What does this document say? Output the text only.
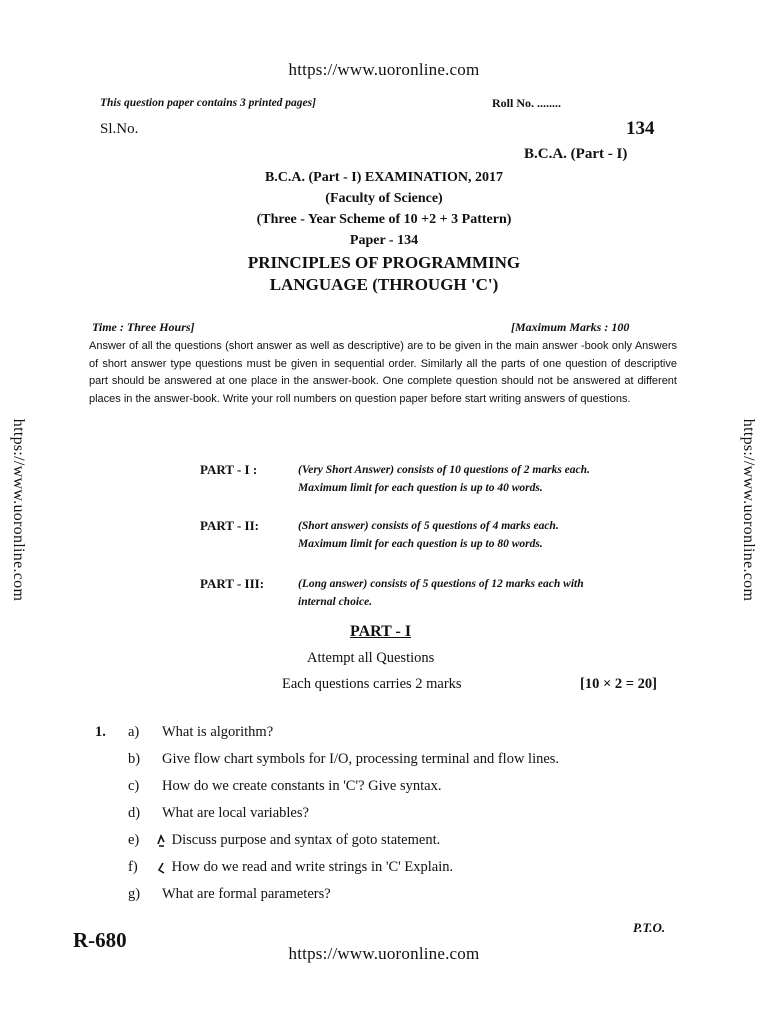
https://www.uoronline.com
https://www.uoronline.com
https://www.uoronline.com	https://www.uoronline.com
This question paper contains 3 printed pages]	Roll No. ........
Sl.No.	134
B.C.A. (Part - I)
B.C.A. (Part - I) EXAMINATION, 2017
(Faculty of Science)
(Three - Year Scheme of 10 +2 + 3 Pattern)
Paper - 134
PRINCIPLES OF PROGRAMMING
LANGUAGE (THROUGH 'C')
Time : Three Hours]	[Maximum Marks : 100
Answer of all the questions (short answer as well as descriptive) are to be given in the main answer -book only Answers of short answer type questions must be given in sequential order. Similarly all the parts of one question of descriptive part should be answered at one place in the answer-book. One complete question should not be answered at different places in the answer-book. Write your roll numbers on question paper before start writing answers of questions.
PART - I :	(Very Short Answer) consists of 10 questions of 2 marks each. Maximum limit for each question is up to 40 words.
PART - II:	(Short answer) consists of 5 questions of 4 marks each. Maximum limit for each question is up to 80 words.
PART - III:	(Long answer) consists of 5 questions of 12 marks each with internal choice.
PART - I
Attempt all Questions
Each questions carries 2 marks	[10 × 2 = 20]
1.	a)	What is algorithm?
b)	Give flow chart symbols for I/O, processing terminal and flow lines.
c)	How do we create constants in 'C'? Give syntax.
d)	What are local variables?
e)	Discuss purpose and syntax of goto statement.
f)	How do we read and write strings in 'C' Explain.
g)	What are formal parameters?
R-680
P.T.O.
